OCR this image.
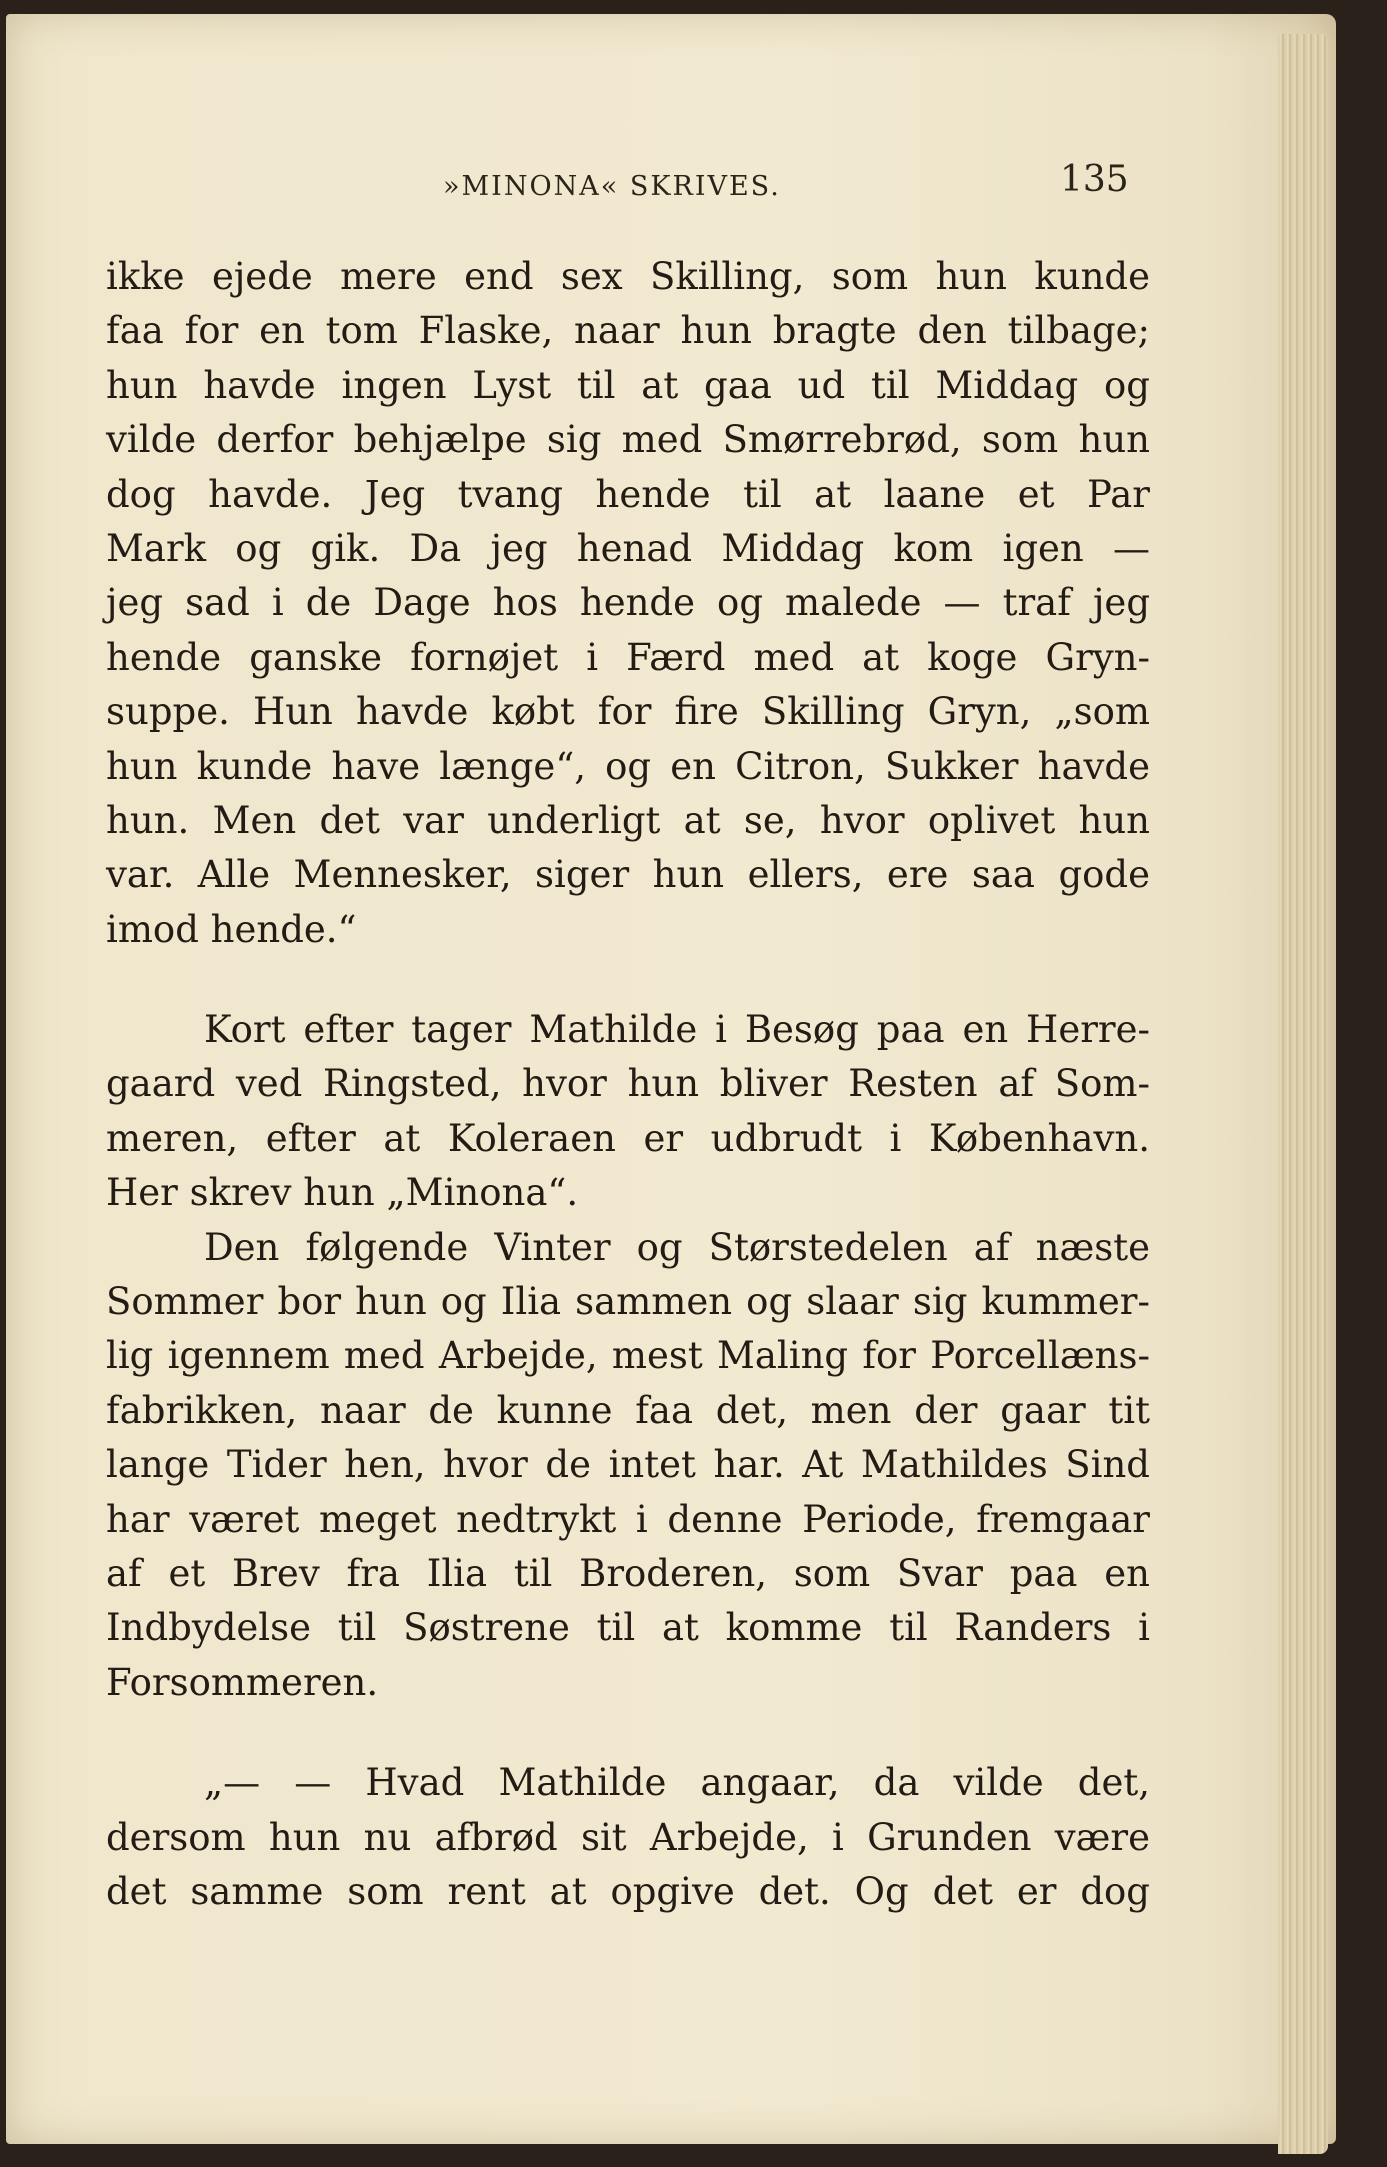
»MINONA« SKRIVES.	135
ikke ejede mere end sex Skilling, som hun kunde
faa for en tom Flaske, naar hun bragte den tilbage;
hun havde ingen Lyst til at gaa ud til Middag og
vilde derfor behjælpe sig med Smørrebrød, som hun
dog havde. Jeg tvang hende til at laane et Par
Mark og gik. Da jeg henad Middag kom igen —
jeg sad i de Dage hos hende og malede — traf jeg
hende ganske fornøjet i Færd med at koge Gryn-
suppe. Hun havde købt for fire Skilling Gryn, „som
hun kunde have længe“, og en Citron, Sukker havde
hun. Men det var underligt at se, hvor oplivet hun
var. Alle Mennesker, siger hun ellers, ere saa gode
imod hende.“
Kort efter tager Mathilde i Besøg paa en Herre-
gaard ved Ringsted, hvor hun bliver Resten af Som-
meren, efter at Koleraen er udbrudt i København.
Her skrev hun „Minona“.
Den følgende Vinter og Størstedelen af næste
Sommer bor hun og Ilia sammen og slaar sig kummer-
lig igennem med Arbejde, mest Maling for Porcellæns-
fabrikken, naar de kunne faa det, men der gaar tit
lange Tider hen, hvor de intet har. At Mathildes Sind
har været meget nedtrykt i denne Periode, fremgaar
af et Brev fra Ilia til Broderen, som Svar paa en
Indbydelse til Søstrene til at komme til Randers i
Forsommeren.
„— — Hvad Mathilde angaar, da vilde det,
dersom hun nu afbrød sit Arbejde, i Grunden være
det samme som rent at opgive det. Og det er dog
